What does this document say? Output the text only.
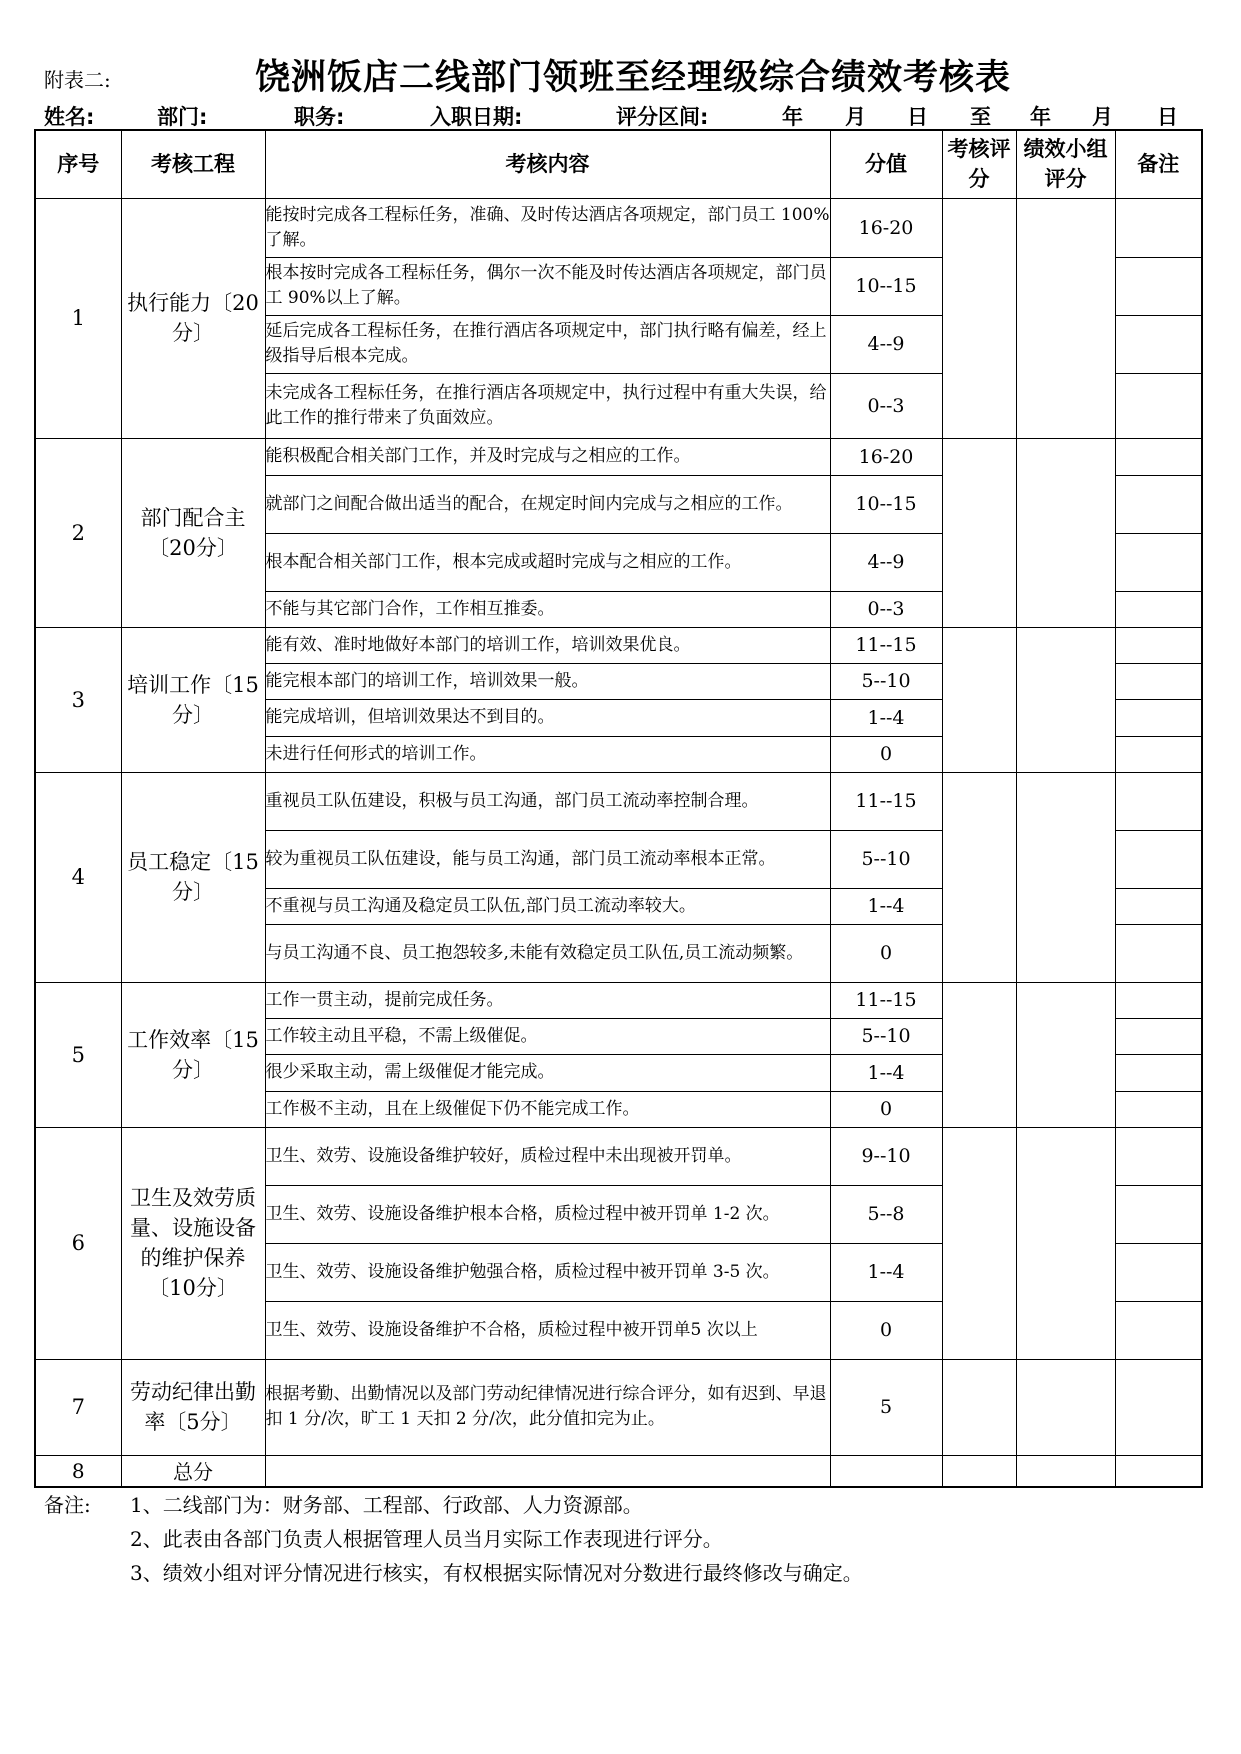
附表二:	饶洲饭店二线部门领班至经理级综合绩效考核表
姓名:	部门:	职务:	入职日期:	评分区间:	年 月 日 至 年 月 日
序号	考核工程	考核内容	分值	考核评分	绩效小组评分	备注
1	执行能力〔20分〕	能按时完成各工程标任务，准确、及时传达酒店各项规定，部门员工 100%了解。	16-20			
		根本按时完成各工程标任务，偶尔一次不能及时传达酒店各项规定，部门员工 90%以上了解。	10--15			
		延后完成各工程标任务，在推行酒店各项规定中，部门执行略有偏差，经上级指导后根本完成。	4--9			
		未完成各工程标任务，在推行酒店各项规定中，执行过程中有重大失误，给此工作的推行带来了负面效应。	0--3			
2	部门配合主〔20分〕	能积极配合相关部门工作，并及时完成与之相应的工作。	16-20			
		就部门之间配合做出适当的配合，在规定时间内完成与之相应的工作。	10--15			
		根本配合相关部门工作，根本完成或超时完成与之相应的工作。	4--9			
		不能与其它部门合作，工作相互推委。	0--3			
3	培训工作〔15分〕	能有效、准时地做好本部门的培训工作，培训效果优良。	11--15			
		能完根本部门的培训工作，培训效果一般。	5--10			
		能完成培训，但培训效果达不到目的。	1--4			
		未进行任何形式的培训工作。	0			
4	员工稳定〔15分〕	重视员工队伍建设，积极与员工沟通，部门员工流动率控制合理。	11--15			
		较为重视员工队伍建设，能与员工沟通，部门员工流动率根本正常。	5--10			
		不重视与员工沟通及稳定员工队伍,部门员工流动率较大。	1--4			
		与员工沟通不良、员工抱怨较多,未能有效稳定员工队伍,员工流动频繁。	0			
5	工作效率〔15分〕	工作一贯主动，提前完成任务。	11--15			
		工作较主动且平稳，不需上级催促。	5--10			
		很少采取主动，需上级催促才能完成。	1--4			
		工作极不主动，且在上级催促下仍不能完成工作。	0			
6	卫生及效劳质量、设施设备的维护保养〔10分〕	卫生、效劳、设施设备维护较好，质检过程中未出现被开罚单。	9--10			
		卫生、效劳、设施设备维护根本合格，质检过程中被开罚单 1-2 次。	5--8			
		卫生、效劳、设施设备维护勉强合格，质检过程中被开罚单 3-5 次。	1--4			
		卫生、效劳、设施设备维护不合格，质检过程中被开罚单5 次以上	0			
7	劳动纪律出勤率〔5分〕	根据考勤、出勤情况以及部门劳动纪律情况进行综合评分，如有迟到、早退扣 1 分/次，旷工 1 天扣 2 分/次，此分值扣完为止。	5			
8	总分					
备注:	1、二线部门为：财务部、工程部、行政部、人力资源部。
2、此表由各部门负责人根据管理人员当月实际工作表现进行评分。
3、绩效小组对评分情况进行核实，有权根据实际情况对分数进行最终修改与确定。
